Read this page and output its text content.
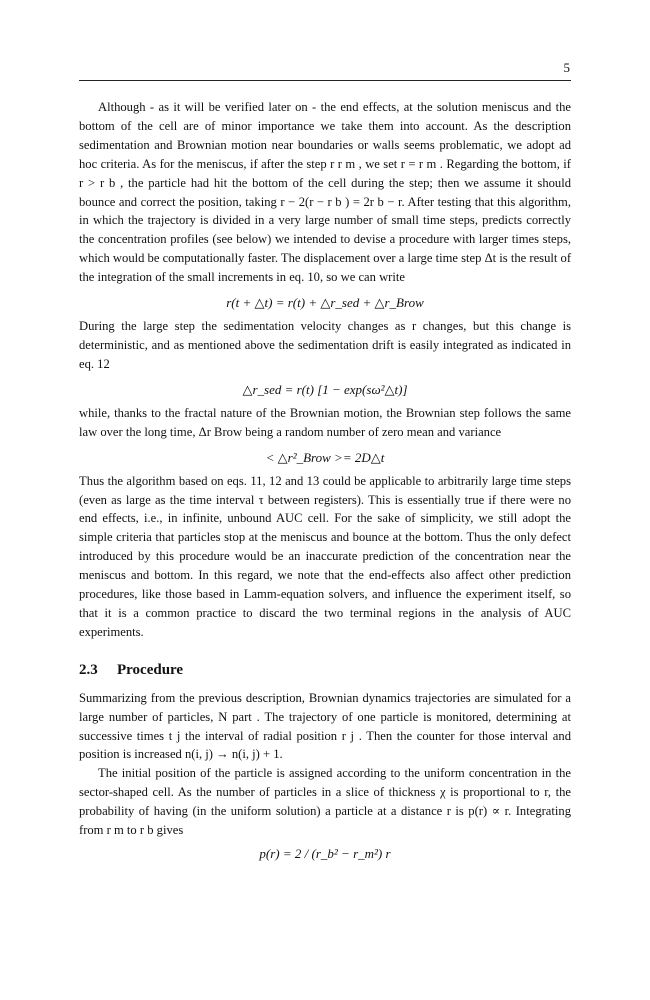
5

Although - as it will be verified later on - the end effects, at the solution meniscus and the bottom of the cell are of minor importance we take them into account. As the description sedimentation and Brownian motion near boundaries or walls seems problematic, we adopt ad hoc criteria. As for the meniscus, if after the step r r m , we set r = r m . Regarding the bottom, if r > r b , the particle had hit the bottom of the cell during the step; then we assume it should bounce and correct the position, taking r − 2(r − r b ) = 2r b − r. After testing that this algorithm, in which the trajectory is divided in a very large number of small time steps, predicts correctly the concentration profiles (see below) we intended to devise a procedure with larger times steps, which would be computationally faster. The displacement over a large time step Δt is the result of the integration of the small increments in eq. 10, so we can write

r(t + △t) = r(t) + △r_sed + △r_Brow

During the large step the sedimentation velocity changes as r changes, but this change is deterministic, and as mentioned above the sedimentation drift is easily integrated as indicated in eq. 12

△r_sed = r(t) [1 − exp(sω²△t)]

while, thanks to the fractal nature of the Brownian motion, the Brownian step follows the same law over the long time, Δr Brow being a random number of zero mean and variance

< △r²_Brow >= 2D△t

Thus the algorithm based on eqs. 11, 12 and 13 could be applicable to arbitrarily large time steps (even as large as the time interval τ between registers). This is essentially true if there were no end effects, i.e., in infinite, unbound AUC cell. For the sake of simplicity, we still adopt the simple criteria that particles stop at the meniscus and bounce at the bottom. Thus the only defect introduced by this procedure would be an inaccurate prediction of the concentration near the meniscus and bottom. In this regard, we note that the end-effects also affect other prediction procedures, like those based in Lamm-equation solvers, and influence the experiment itself, so that it is a common practice to discard the two terminal regions in the analysis of AUC experiments.

2.3 Procedure

Summarizing from the previous description, Brownian dynamics trajectories are simulated for a large number of particles, N part . The trajectory of one particle is monitored, determining at successive times t j the interval of radial position r j . Then the counter for those interval and position is increased n(i, j) → n(i, j) + 1.

The initial position of the particle is assigned according to the uniform concentration in the sector-shaped cell. As the number of particles in a slice of thickness χ is proportional to r, the probability of having (in the uniform solution) a particle at a distance r is p(r) ∝ r. Integrating from r m to r b gives

p(r) = 2 / (r_b² − r_m²) r
